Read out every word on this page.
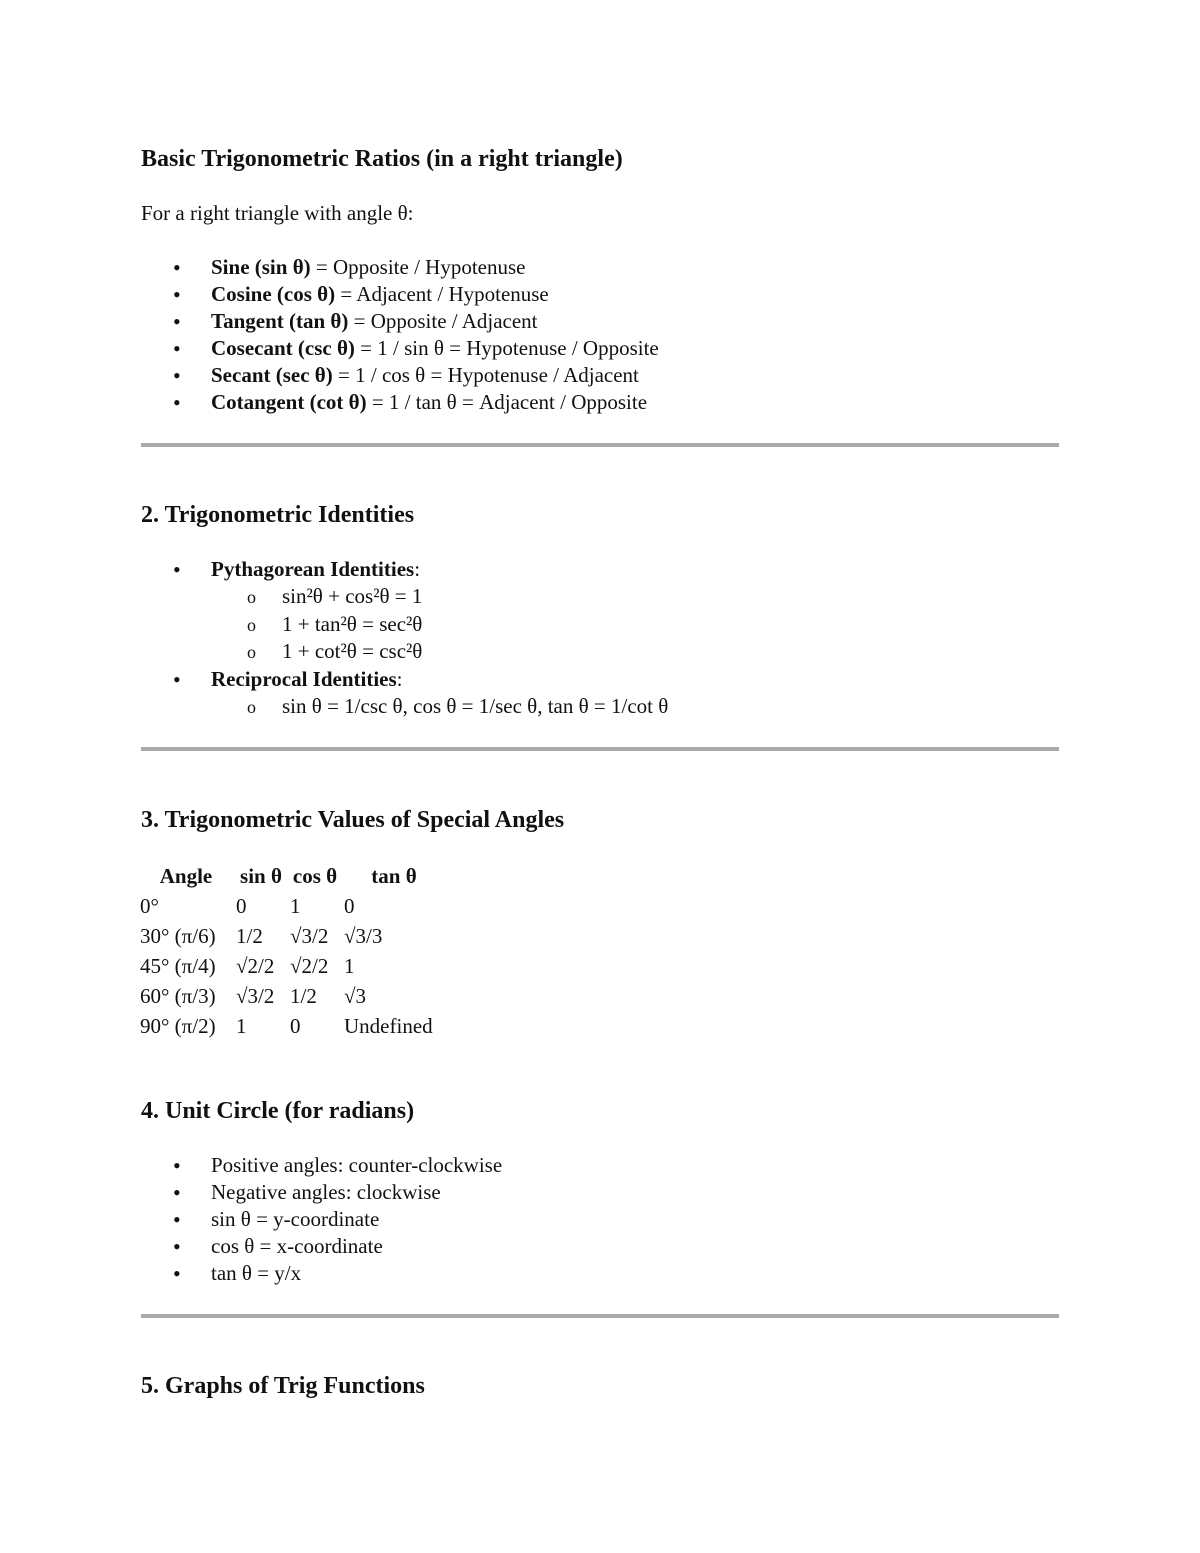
Basic Trigonometric Ratios (in a right triangle)

For a right triangle with angle θ:

• Sine (sin θ) = Opposite / Hypotenuse
• Cosine (cos θ) = Adjacent / Hypotenuse
• Tangent (tan θ) = Opposite / Adjacent
• Cosecant (csc θ) = 1 / sin θ = Hypotenuse / Opposite
• Secant (sec θ) = 1 / cos θ = Hypotenuse / Adjacent
• Cotangent (cot θ) = 1 / tan θ = Adjacent / Opposite
2. Trigonometric Identities
• Pythagorean Identities:
o sin²θ + cos²θ = 1
o 1 + tan²θ = sec²θ
o 1 + cot²θ = csc²θ
• Reciprocal Identities:
o sin θ = 1/csc θ, cos θ = 1/sec θ, tan θ = 1/cot θ
3. Trigonometric Values of Special Angles
Angle	sin θ	cos θ	tan θ
0°	0	1	0
30° (π/6)	1/2	√3/2	√3/3
45° (π/4)	√2/2	√2/2	1
60° (π/3)	√3/2	1/2	√3
90° (π/2)	1	0	Undefined
4. Unit Circle (for radians)
• Positive angles: counter-clockwise
• Negative angles: clockwise
• sin θ = y-coordinate
• cos θ = x-coordinate
• tan θ = y/x
5. Graphs of Trig Functions
